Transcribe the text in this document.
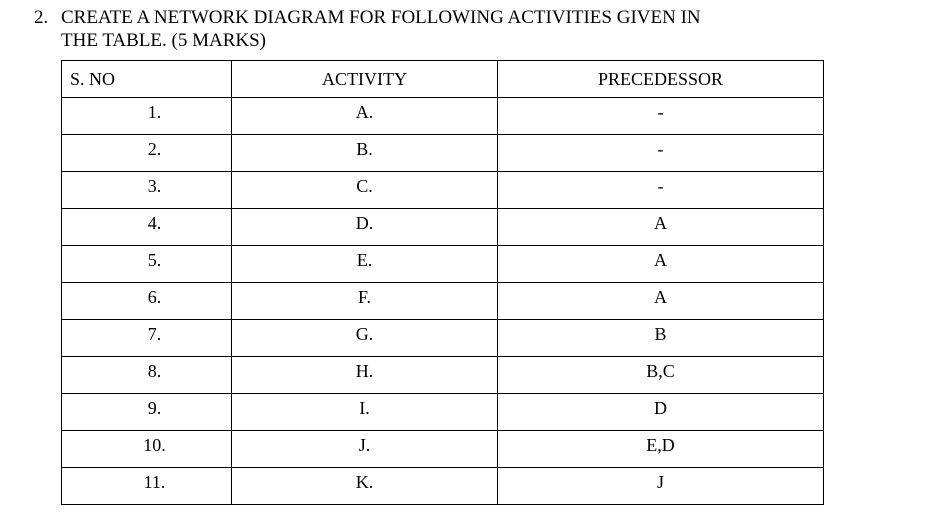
2. CREATE A NETWORK DIAGRAM FOR FOLLOWING ACTIVITIES GIVEN IN
THE TABLE. (5 MARKS)
S. NO	ACTIVITY	PRECEDESSOR
1.	A.	-
2.	B.	-
3.	C.	-
4.	D.	A
5.	E.	A
6.	F.	A
7.	G.	B
8.	H.	B,C
9.	I.	D
10.	J.	E,D
11.	K.	J
